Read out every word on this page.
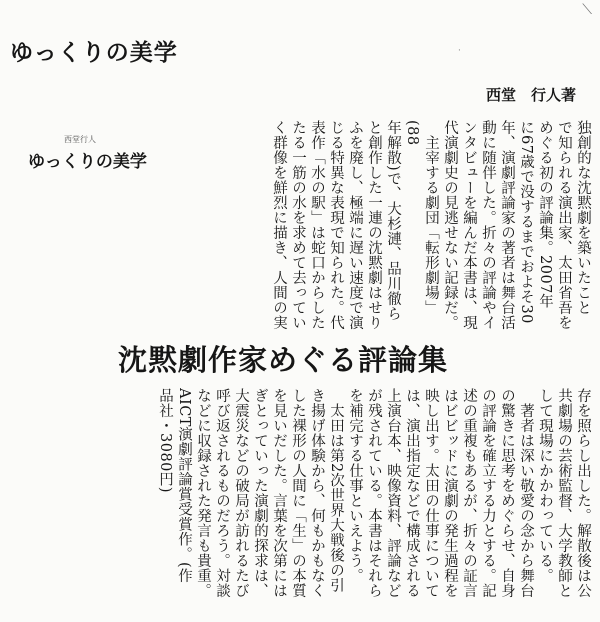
⟍
·
ゆっくりの美学
西堂　行人著
西堂行人
ゆっくりの美学	独創的な沈黙劇を築いたこと
で知られる演出家、太田省吾を
めぐる初の評論集。2007年
に67歳で没するまでおよそ30
年、演劇評論家の著者は舞台活
動に随伴した。折々の評論やイ
ンタビューを編んだ本書は、現
代演劇史の見逃せない記録だ。
　主宰する劇団「転形劇場」(88
年解散)で、大杉漣、品川徹ら
と創作した一連の沈黙劇はせり
ふを廃し、極端に遅い速度で演
じる特異な表現で知られた。代
表作「水の駅」は蛇口からした
たる一筋の水を求めて去ってい
く群像を鮮烈に描き、人間の実
沈黙劇作家めぐる評論集
存を照らし出した。解散後は公
共劇場の芸術監督、大学教師と
して現場にかかわっている。
　著者は深い敬愛の念から舞台
の驚きに思考をめぐらせ、自身
の評論を確立する力とする。記
述の重複もあるが、折々の証言
はビビッドに演劇の発生過程を
映し出す。太田の仕事について
は、演出指定などで構成される
上演台本、映像資料、評論など
が残されている。本書はそれら
を補完する仕事といえよう。
　太田は第2次世界大戦後の引
き揚げ体験から、何もかもなく
した裸形の人間に「生」の本質
を見いだした。言葉を次第には
ぎとっていった演劇的探求は、
大震災などの破局が訪れるたび
呼び返されるものだろう。対談
などに収録された発言も貴重。
AICT演劇評論賞受賞作。(作
品社・3080円)
